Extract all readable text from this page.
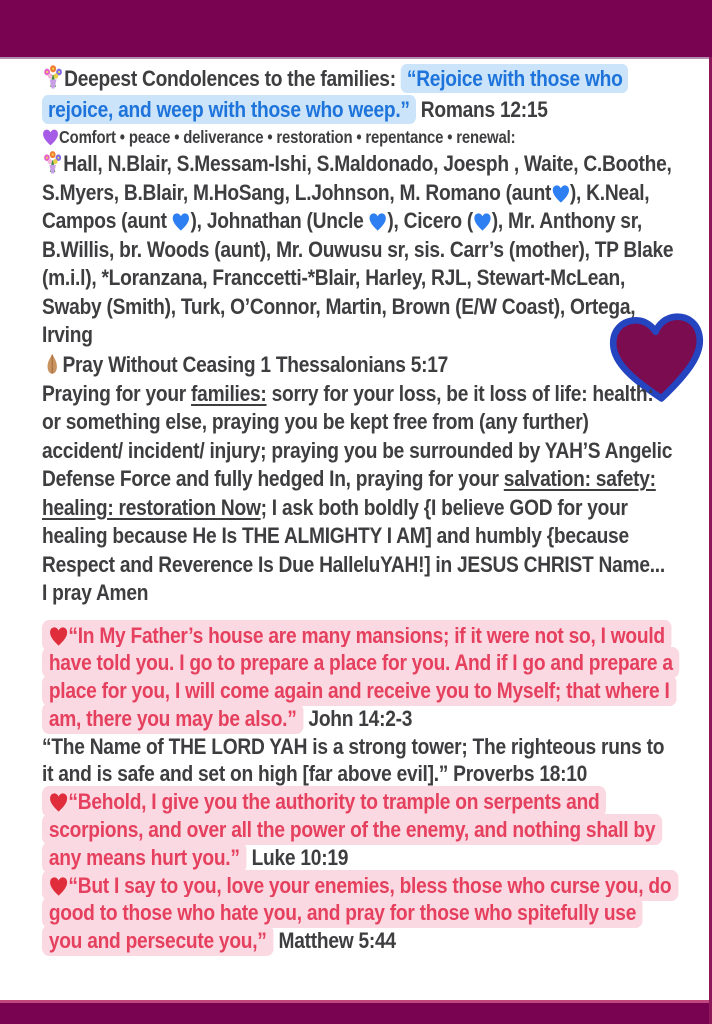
Deepest Condolences to the families: “Rejoice with those who rejoice, and weep with those who weep.” Romans 12:15

Comfort • peace • deliverance • restoration • repentance • renewal:

Hall, N.Blair, S.Messam-Ishi, S.Maldonado, Joesph , Waite, C.Boothe, S.Myers, B.Blair, M.HoSang, L.Johnson, M. Romano (aunt ), K.Neal, Campos (aunt ), Johnathan (Uncle ), Cicero ( ), Mr. Anthony sr, B.Willis, br. Woods (aunt), Mr. Ouwusu sr, sis. Carr’s (mother), TP Blake (m.i.l), *Loranzana, Franccetti-*Blair, Harley, RJL, Stewart-McLean, Swaby (Smith), Turk, O’Connor, Martin, Brown (E/W Coast), Ortega, Irving

Pray Without Ceasing 1 Thessalonians 5:17

Praying for your families: sorry for your loss, be it loss of life: health: or something else, praying you be kept free from (any further) accident/ incident/ injury; praying you be surrounded by YAH’S Angelic Defense Force and fully hedged In, praying for your salvation: safety: healing: restoration Now; I ask both boldly {I believe GOD for your healing because He Is THE ALMIGHTY I AM] and humbly {because Respect and Reverence Is Due HalleluYAH!] in JESUS CHRIST Name... I pray Amen

“In My Father’s house are many mansions; if it were not so, I would have told you. I go to prepare a place for you. And if I go and prepare a place for you, I will come again and receive you to Myself; that where I am, there you may be also.” John 14:2-3

“The Name of THE LORD YAH is a strong tower; The righteous runs to it and is safe and set on high [far above evil].” Proverbs 18:10

“Behold, I give you the authority to trample on serpents and scorpions, and over all the power of the enemy, and nothing shall by any means hurt you.” Luke 10:19

“But I say to you, love your enemies, bless those who curse you, do good to those who hate you, and pray for those who spitefully use you and persecute you,” Matthew 5:44
